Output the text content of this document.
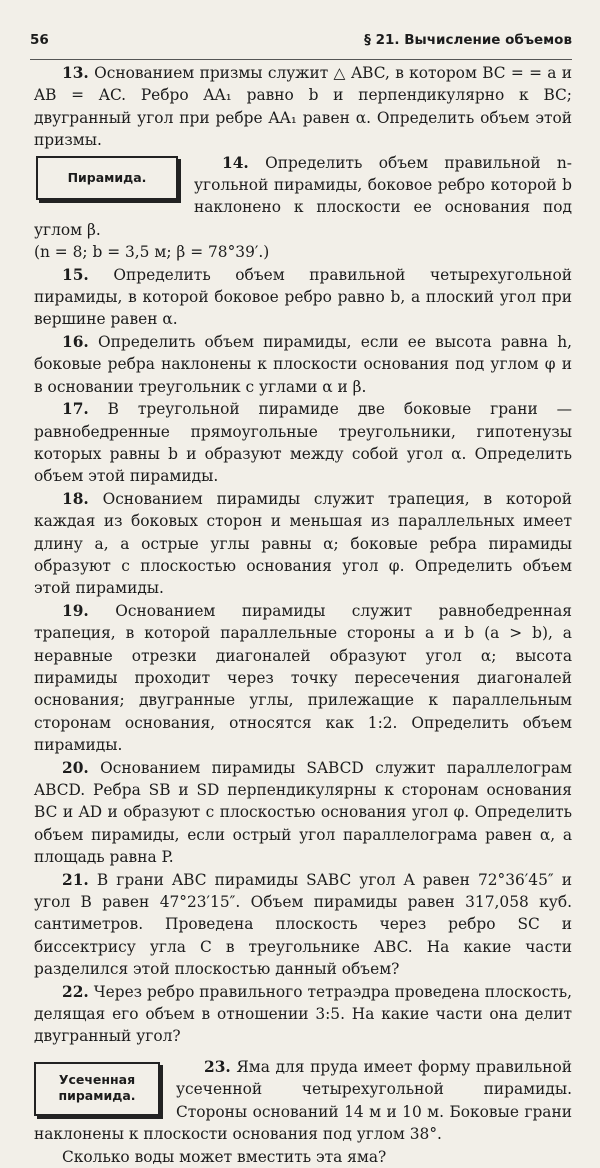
56	§ 21. Вычисление объемов

13. Основанием призмы служит △ ABC, в котором BC = = a и AB = AC. Ребро AA₁ равно b и перпендикулярно к BC; двугранный угол при ребре AA₁ равен α. Определить объем этой призмы.

Пирамида.

14. Определить объем правильной n-угольной пирамиды, боковое ребро которой b наклонено к плоскости ее основания под углом β.

(n = 8; b = 3,5 м; β = 78°39′.)

15. Определить объем правильной четырехугольной пирамиды, в которой боковое ребро равно b, а плоский угол при вершине равен α.

16. Определить объем пирамиды, если ее высота равна h, боковые ребра наклонены к плоскости основания под углом φ и в основании треугольник с углами α и β.

17. В треугольной пирамиде две боковые грани — равнобедренные прямоугольные треугольники, гипотенузы которых равны b и образуют между собой угол α. Определить объем этой пирамиды.

18. Основанием пирамиды служит трапеция, в которой каждая из боковых сторон и меньшая из параллельных имеет длину a, а острые углы равны α; боковые ребра пирамиды образуют с плоскостью основания угол φ. Определить объем этой пирамиды.

19. Основанием пирамиды служит равнобедренная трапеция, в которой параллельные стороны a и b (a > b), а неравные отрезки диагоналей образуют угол α; высота пирамиды проходит через точку пересечения диагоналей основания; двугранные углы, прилежащие к параллельным сторонам основания, относятся как 1:2. Определить объем пирамиды.

20. Основанием пирамиды SABCD служит параллелограм ABCD. Ребра SB и SD перпендикулярны к сторонам основания BC и AD и образуют с плоскостью основания угол φ. Определить объем пирамиды, если острый угол параллелограма равен α, а площадь равна P.

21. В грани ABC пирамиды SABC угол A равен 72°36′45″ и угол B равен 47°23′15″. Объем пирамиды равен 317,058 куб. сантиметров. Проведена плоскость через ребро SC и биссектрису угла C в треугольнике ABC. На какие части разделился этой плоскостью данный объем?

22. Через ребро правильного тетраэдра проведена плоскость, делящая его объем в отношении 3:5. На какие части она делит двугранный угол?

Усеченная пирамида.

23. Яма для пруда имеет форму правильной усеченной четырехугольной пирамиды. Стороны оснований 14 м и 10 м. Боковые грани наклонены к плоскости основания под углом 38°.

Сколько воды может вместить эта яма?
